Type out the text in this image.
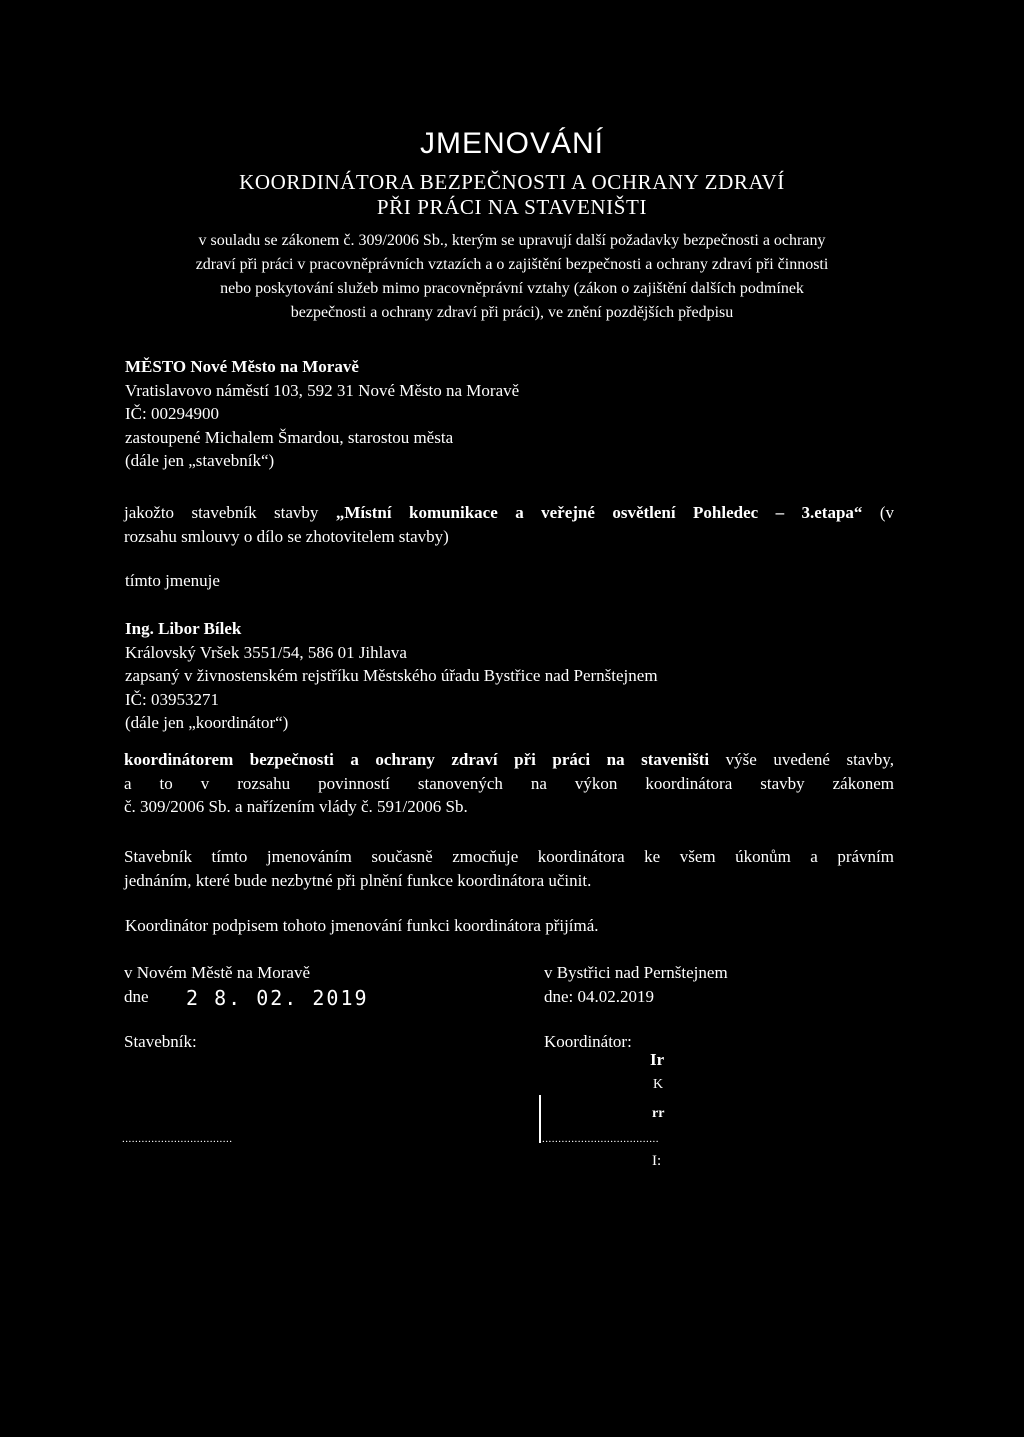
JMENOVÁNÍ
KOORDINÁTORA BEZPEČNOSTI A OCHRANY ZDRAVÍ
PŘI PRÁCI NA STAVENIŠTI
v souladu se zákonem č. 309/2006 Sb., kterým se upravují další požadavky bezpečnosti a ochrany
zdraví při práci v pracovněprávních vztazích a o zajištění bezpečnosti a ochrany zdraví při činnosti
nebo poskytování služeb mimo pracovněprávní vztahy (zákon o zajištění dalších podmínek
bezpečnosti a ochrany zdraví při práci), ve znění pozdějších předpisu
MĚSTO Nové Město na Moravě
Vratislavovo náměstí 103, 592 31 Nové Město na Moravě
IČ: 00294900
zastoupené Michalem Šmardou, starostou města
(dále jen „stavebník“)
jakožto stavebník stavby „Místní komunikace a veřejné osvětlení Pohledec – 3.etapa“ (v
rozsahu smlouvy o dílo se zhotovitelem stavby)
tímto jmenuje
Ing. Libor Bílek
Královský Vršek 3551/54, 586 01 Jihlava
zapsaný v živnostenském rejstříku Městského úřadu Bystřice nad Pernštejnem
IČ: 03953271
(dále jen „koordinátor“)
koordinátorem bezpečnosti a ochrany zdraví při práci na staveništi výše uvedené stavby,
a to v rozsahu povinností stanovených na výkon koordinátora stavby zákonem
č. 309/2006 Sb. a nařízením vlády č. 591/2006 Sb.
Stavebník tímto jmenováním současně zmocňuje koordinátora ke všem úkonům a právním
jednáním, které bude nezbytné při plnění funkce koordinátora učinit.
Koordinátor podpisem tohoto jmenování funkci koordinátora přijímá.
v Novém Městě na Moravě
dne 2 8. 02. 2019
Stavebník:
..................................
v Bystřici nad Pernštejnem
dne: 04.02.2019
Koordinátor:
Ir
K
rr
....................................
I:
